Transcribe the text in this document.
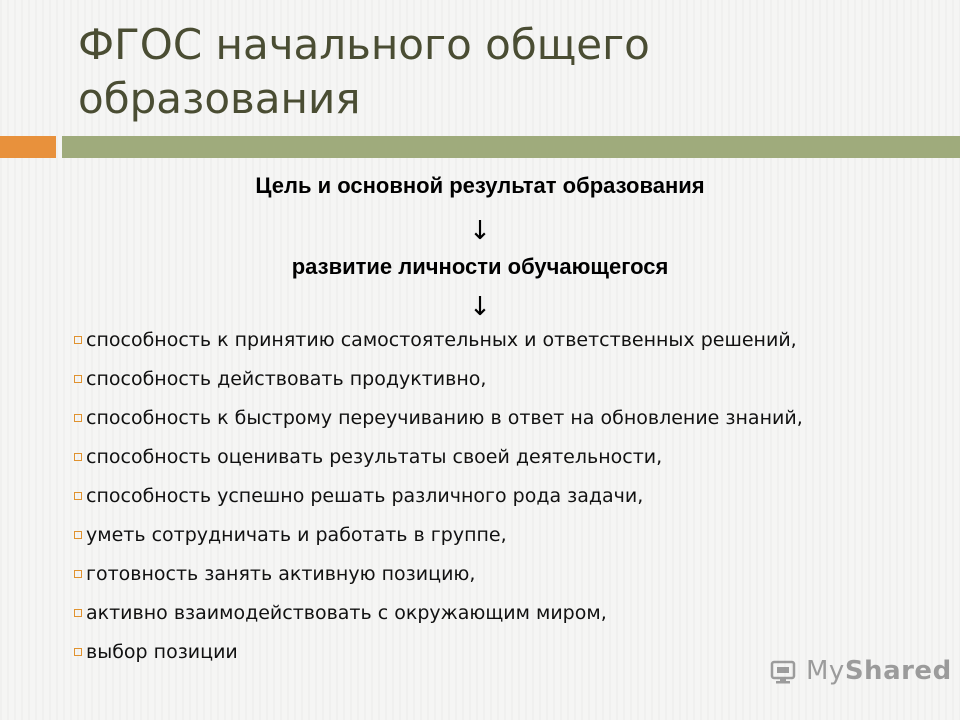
ФГОС начального общего образования
Цель и основной результат образования
↓
развитие личности обучающегося
↓
способность к принятию самостоятельных и ответственных решений,
способность действовать продуктивно,
способность к быстрому переучиванию в ответ на обновление знаний,
способность оценивать результаты своей деятельности,
способность успешно решать различного рода задачи,
уметь сотрудничать и работать в группе,
готовность занять активную позицию,
активно взаимодействовать с окружающим миром,
выбор позиции
MyShared
